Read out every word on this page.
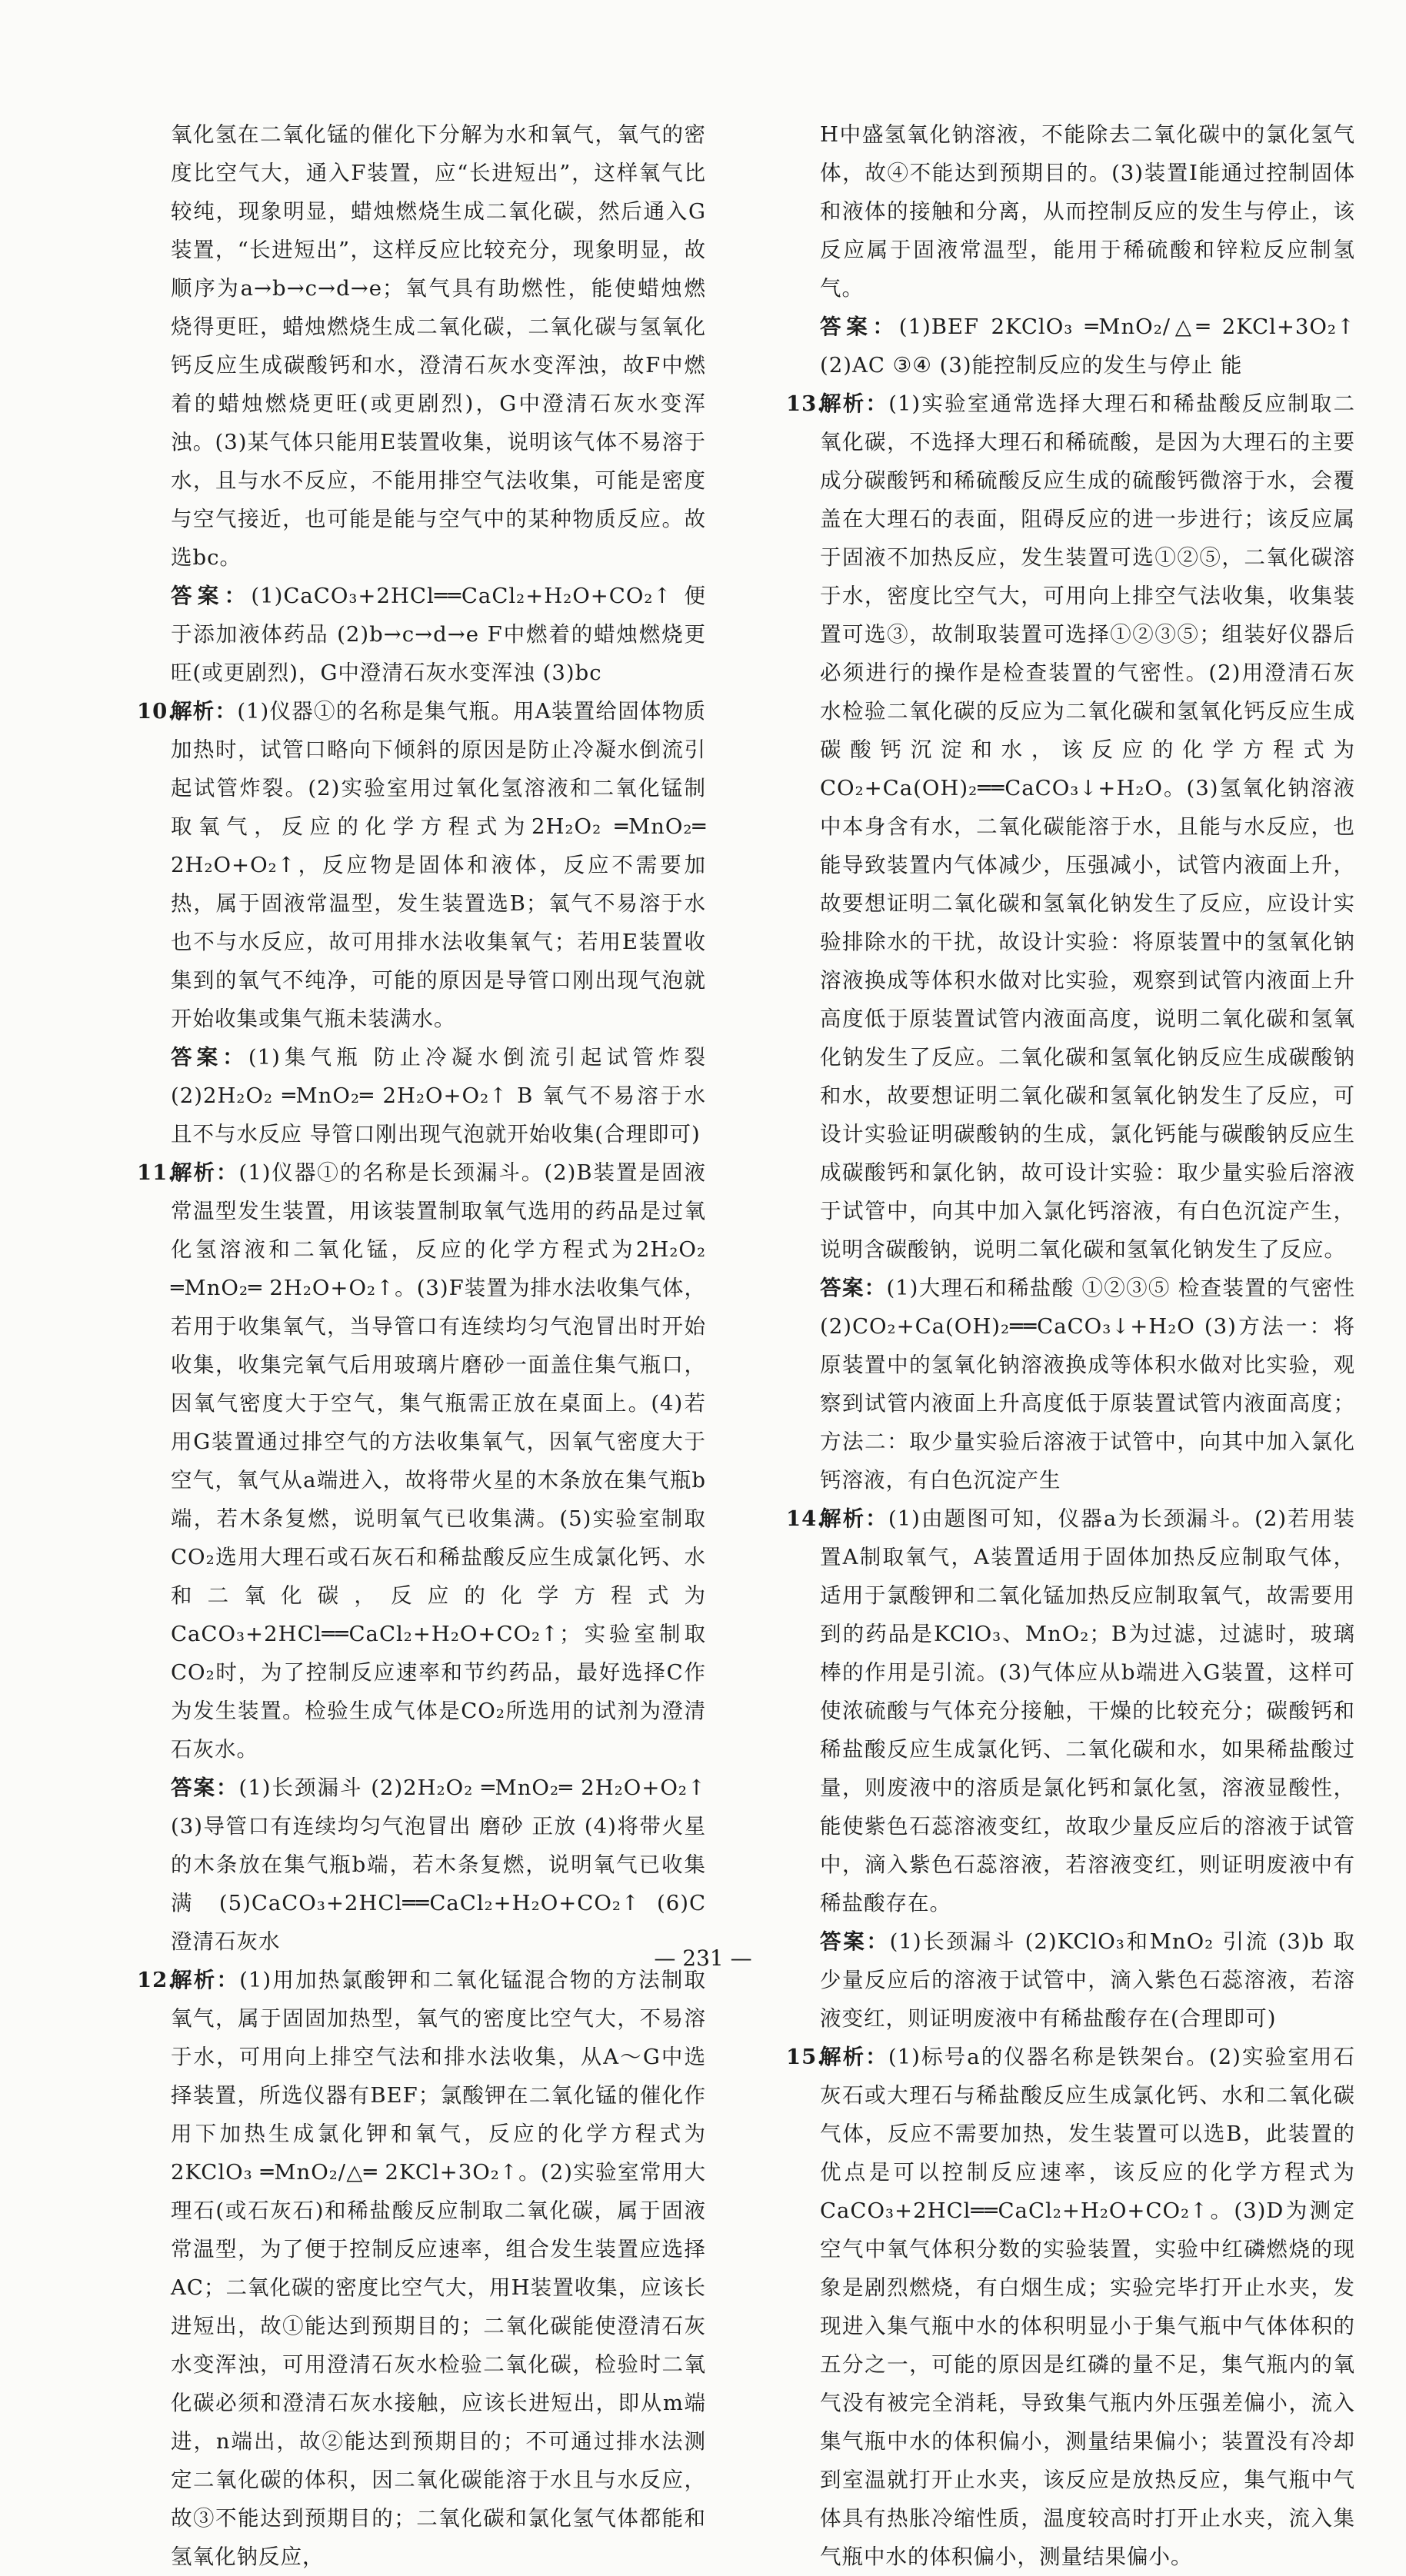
氧化氢在二氧化锰的催化下分解为水和氧气，氧气的密度比空气大，通入F装置，应“长进短出”，这样氧气比较纯，现象明显，蜡烛燃烧生成二氧化碳，然后通入G装置，“长进短出”，这样反应比较充分，现象明显，故顺序为a→b→c→d→e；氧气具有助燃性，能使蜡烛燃烧得更旺，蜡烛燃烧生成二氧化碳，二氧化碳与氢氧化钙反应生成碳酸钙和水，澄清石灰水变浑浊，故F中燃着的蜡烛燃烧更旺(或更剧烈)，G中澄清石灰水变浑浊。(3)某气体只能用E装置收集，说明该气体不易溶于水，且与水不反应，不能用排空气法收集，可能是密度与空气接近，也可能是能与空气中的某种物质反应。故选bc。

答案：(1)CaCO₃+2HCl══CaCl₂+H₂O+CO₂↑ 便于添加液体药品 (2)b→c→d→e F中燃着的蜡烛燃烧更旺(或更剧烈)，G中澄清石灰水变浑浊 (3)bc

10.
解析：(1)仪器①的名称是集气瓶。用A装置给固体物质加热时，试管口略向下倾斜的原因是防止冷凝水倒流引起试管炸裂。(2)实验室用过氧化氢溶液和二氧化锰制取氧气，反应的化学方程式为2H₂O₂ ═MnO₂═ 2H₂O+O₂↑，反应物是固体和液体，反应不需要加热，属于固液常温型，发生装置选B；氧气不易溶于水也不与水反应，故可用排水法收集氧气；若用E装置收集到的氧气不纯净，可能的原因是导管口刚出现气泡就开始收集或集气瓶未装满水。

答案：(1)集气瓶 防止冷凝水倒流引起试管炸裂 (2)2H₂O₂ ═MnO₂═ 2H₂O+O₂↑ B 氧气不易溶于水且不与水反应 导管口刚出现气泡就开始收集(合理即可)

11.
解析：(1)仪器①的名称是长颈漏斗。(2)B装置是固液常温型发生装置，用该装置制取氧气选用的药品是过氧化氢溶液和二氧化锰，反应的化学方程式为2H₂O₂ ═MnO₂═ 2H₂O+O₂↑。(3)F装置为排水法收集气体，若用于收集氧气，当导管口有连续均匀气泡冒出时开始收集，收集完氧气后用玻璃片磨砂一面盖住集气瓶口，因氧气密度大于空气，集气瓶需正放在桌面上。(4)若用G装置通过排空气的方法收集氧气，因氧气密度大于空气，氧气从a端进入，故将带火星的木条放在集气瓶b端，若木条复燃，说明氧气已收集满。(5)实验室制取CO₂选用大理石或石灰石和稀盐酸反应生成氯化钙、水和二氧化碳，反应的化学方程式为CaCO₃+2HCl══CaCl₂+H₂O+CO₂↑；实验室制取CO₂时，为了控制反应速率和节约药品，最好选择C作为发生装置。检验生成气体是CO₂所选用的试剂为澄清石灰水。

答案：(1)长颈漏斗 (2)2H₂O₂ ═MnO₂═ 2H₂O+O₂↑ (3)导管口有连续均匀气泡冒出 磨砂 正放 (4)将带火星的木条放在集气瓶b端，若木条复燃，说明氧气已收集满 (5)CaCO₃+2HCl══CaCl₂+H₂O+CO₂↑ (6)C 澄清石灰水

12.
解析：(1)用加热氯酸钾和二氧化锰混合物的方法制取氧气，属于固固加热型，氧气的密度比空气大，不易溶于水，可用向上排空气法和排水法收集，从A～G中选择装置，所选仪器有BEF；氯酸钾在二氧化锰的催化作用下加热生成氯化钾和氧气，反应的化学方程式为2KClO₃ ═MnO₂/△═ 2KCl+3O₂↑。(2)实验室常用大理石(或石灰石)和稀盐酸反应制取二氧化碳，属于固液常温型，为了便于控制反应速率，组合发生装置应选择AC；二氧化碳的密度比空气大，用H装置收集，应该长进短出，故①能达到预期目的；二氧化碳能使澄清石灰水变浑浊，可用澄清石灰水检验二氧化碳，检验时二氧化碳必须和澄清石灰水接触，应该长进短出，即从m端进，n端出，故②能达到预期目的；不可通过排水法测定二氧化碳的体积，因二氧化碳能溶于水且与水反应，故③不能达到预期目的；二氧化碳和氯化氢气体都能和氢氧化钠反应，

H中盛氢氧化钠溶液，不能除去二氧化碳中的氯化氢气体，故④不能达到预期目的。(3)装置Ⅰ能通过控制固体和液体的接触和分离，从而控制反应的发生与停止，该反应属于固液常温型，能用于稀硫酸和锌粒反应制氢气。

答案：(1)BEF 2KClO₃ ═MnO₂/△═ 2KCl+3O₂↑ (2)AC ③④ (3)能控制反应的发生与停止 能

13.
解析：(1)实验室通常选择大理石和稀盐酸反应制取二氧化碳，不选择大理石和稀硫酸，是因为大理石的主要成分碳酸钙和稀硫酸反应生成的硫酸钙微溶于水，会覆盖在大理石的表面，阻碍反应的进一步进行；该反应属于固液不加热反应，发生装置可选①②⑤，二氧化碳溶于水，密度比空气大，可用向上排空气法收集，收集装置可选③，故制取装置可选择①②③⑤；组装好仪器后必须进行的操作是检查装置的气密性。(2)用澄清石灰水检验二氧化碳的反应为二氧化碳和氢氧化钙反应生成碳酸钙沉淀和水，该反应的化学方程式为CO₂+Ca(OH)₂══CaCO₃↓+H₂O。(3)氢氧化钠溶液中本身含有水，二氧化碳能溶于水，且能与水反应，也能导致装置内气体减少，压强减小，试管内液面上升，故要想证明二氧化碳和氢氧化钠发生了反应，应设计实验排除水的干扰，故设计实验：将原装置中的氢氧化钠溶液换成等体积水做对比实验，观察到试管内液面上升高度低于原装置试管内液面高度，说明二氧化碳和氢氧化钠发生了反应。二氧化碳和氢氧化钠反应生成碳酸钠和水，故要想证明二氧化碳和氢氧化钠发生了反应，可设计实验证明碳酸钠的生成，氯化钙能与碳酸钠反应生成碳酸钙和氯化钠，故可设计实验：取少量实验后溶液于试管中，向其中加入氯化钙溶液，有白色沉淀产生，说明含碳酸钠，说明二氧化碳和氢氧化钠发生了反应。

答案：(1)大理石和稀盐酸 ①②③⑤ 检查装置的气密性 (2)CO₂+Ca(OH)₂══CaCO₃↓+H₂O (3)方法一：将原装置中的氢氧化钠溶液换成等体积水做对比实验，观察到试管内液面上升高度低于原装置试管内液面高度；方法二：取少量实验后溶液于试管中，向其中加入氯化钙溶液，有白色沉淀产生

14.
解析：(1)由题图可知，仪器a为长颈漏斗。(2)若用装置A制取氧气，A装置适用于固体加热反应制取气体，适用于氯酸钾和二氧化锰加热反应制取氧气，故需要用到的药品是KClO₃、MnO₂；B为过滤，过滤时，玻璃棒的作用是引流。(3)气体应从b端进入G装置，这样可使浓硫酸与气体充分接触，干燥的比较充分；碳酸钙和稀盐酸反应生成氯化钙、二氧化碳和水，如果稀盐酸过量，则废液中的溶质是氯化钙和氯化氢，溶液显酸性，能使紫色石蕊溶液变红，故取少量反应后的溶液于试管中，滴入紫色石蕊溶液，若溶液变红，则证明废液中有稀盐酸存在。

答案：(1)长颈漏斗 (2)KClO₃和MnO₂ 引流 (3)b 取少量反应后的溶液于试管中，滴入紫色石蕊溶液，若溶液变红，则证明废液中有稀盐酸存在(合理即可)

15.
解析：(1)标号a的仪器名称是铁架台。(2)实验室用石灰石或大理石与稀盐酸反应生成氯化钙、水和二氧化碳气体，反应不需要加热，发生装置可以选B，此装置的优点是可以控制反应速率，该反应的化学方程式为CaCO₃+2HCl══CaCl₂+H₂O+CO₂↑。(3)D为测定空气中氧气体积分数的实验装置，实验中红磷燃烧的现象是剧烈燃烧，有白烟生成；实验完毕打开止水夹，发现进入集气瓶中水的体积明显小于集气瓶中气体体积的五分之一，可能的原因是红磷的量不足，集气瓶内的氧气没有被完全消耗，导致集气瓶内外压强差偏小，流入集气瓶中水的体积偏小，测量结果偏小；装置没有冷却到室温就打开止水夹，该反应是放热反应，集气瓶中气体具有热胀冷缩性质，温度较高时打开止水夹，流入集气瓶中水的体积偏小，测量结果偏小。

— 231 —
